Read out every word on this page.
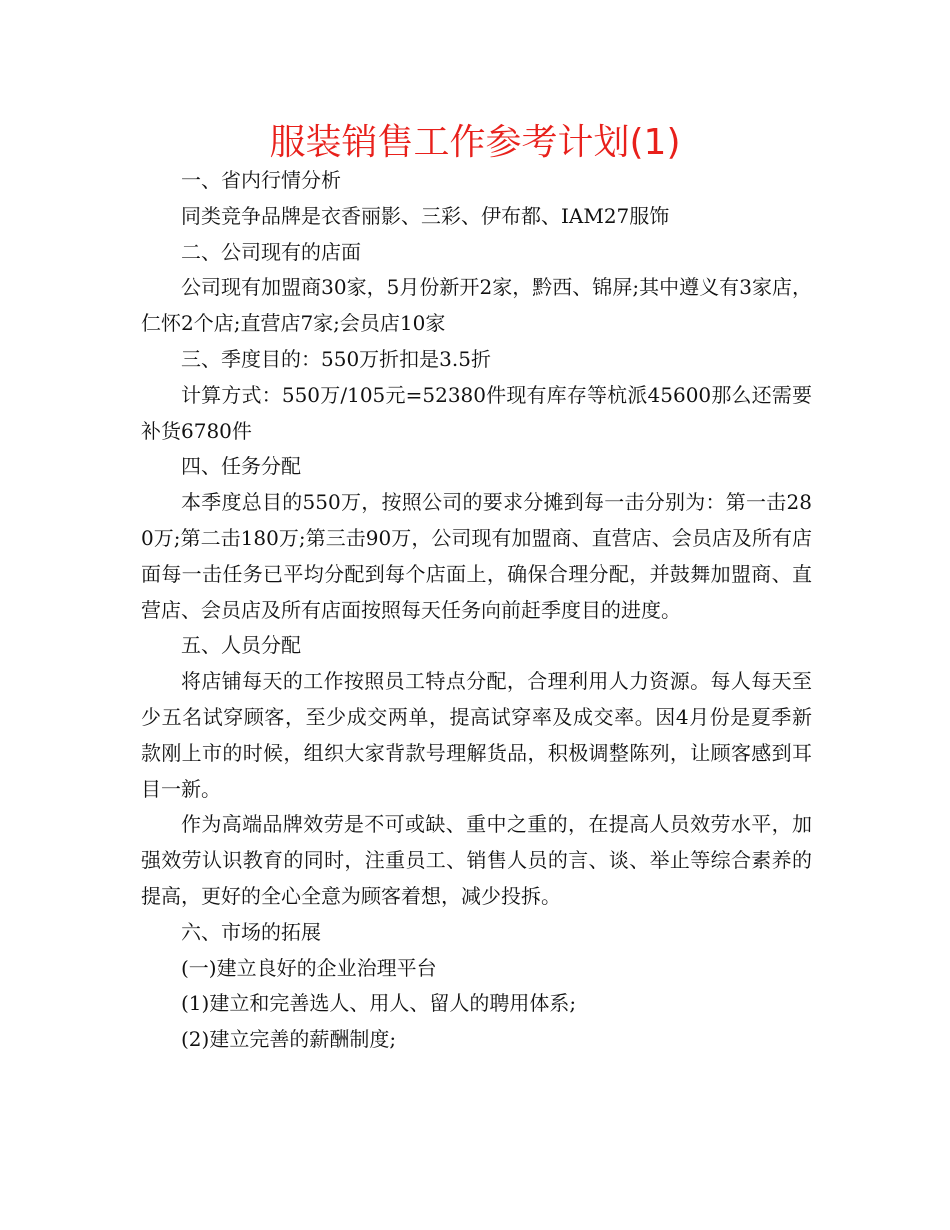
服装销售工作参考计划(1)

一、省内行情分析

同类竞争品牌是衣香丽影、三彩、伊布都、IAM27服饰

二、公司现有的店面

公司现有加盟商30家，5月份新开2家，黔西、锦屏;其中遵义有3家店，仁怀2个店;直营店7家;会员店10家

三、季度目的：550万折扣是3.5折

计算方式：550万/105元=52380件现有库存等杭派45600那么还需要补货6780件

四、任务分配

本季度总目的550万，按照公司的要求分摊到每一击分别为：第一击280万;第二击180万;第三击90万，公司现有加盟商、直营店、会员店及所有店面每一击任务已平均分配到每个店面上，确保合理分配，并鼓舞加盟商、直营店、会员店及所有店面按照每天任务向前赶季度目的进度。

五、人员分配

将店铺每天的工作按照员工特点分配，合理利用人力资源。每人每天至少五名试穿顾客，至少成交两单，提高试穿率及成交率。因4月份是夏季新款刚上市的时候，组织大家背款号理解货品，积极调整陈列，让顾客感到耳目一新。

作为高端品牌效劳是不可或缺、重中之重的，在提高人员效劳水平，加强效劳认识教育的同时，注重员工、销售人员的言、谈、举止等综合素养的提高，更好的全心全意为顾客着想，减少投拆。

六、市场的拓展

(一)建立良好的企业治理平台

(1)建立和完善选人、用人、留人的聘用体系;

(2)建立完善的薪酬制度;
